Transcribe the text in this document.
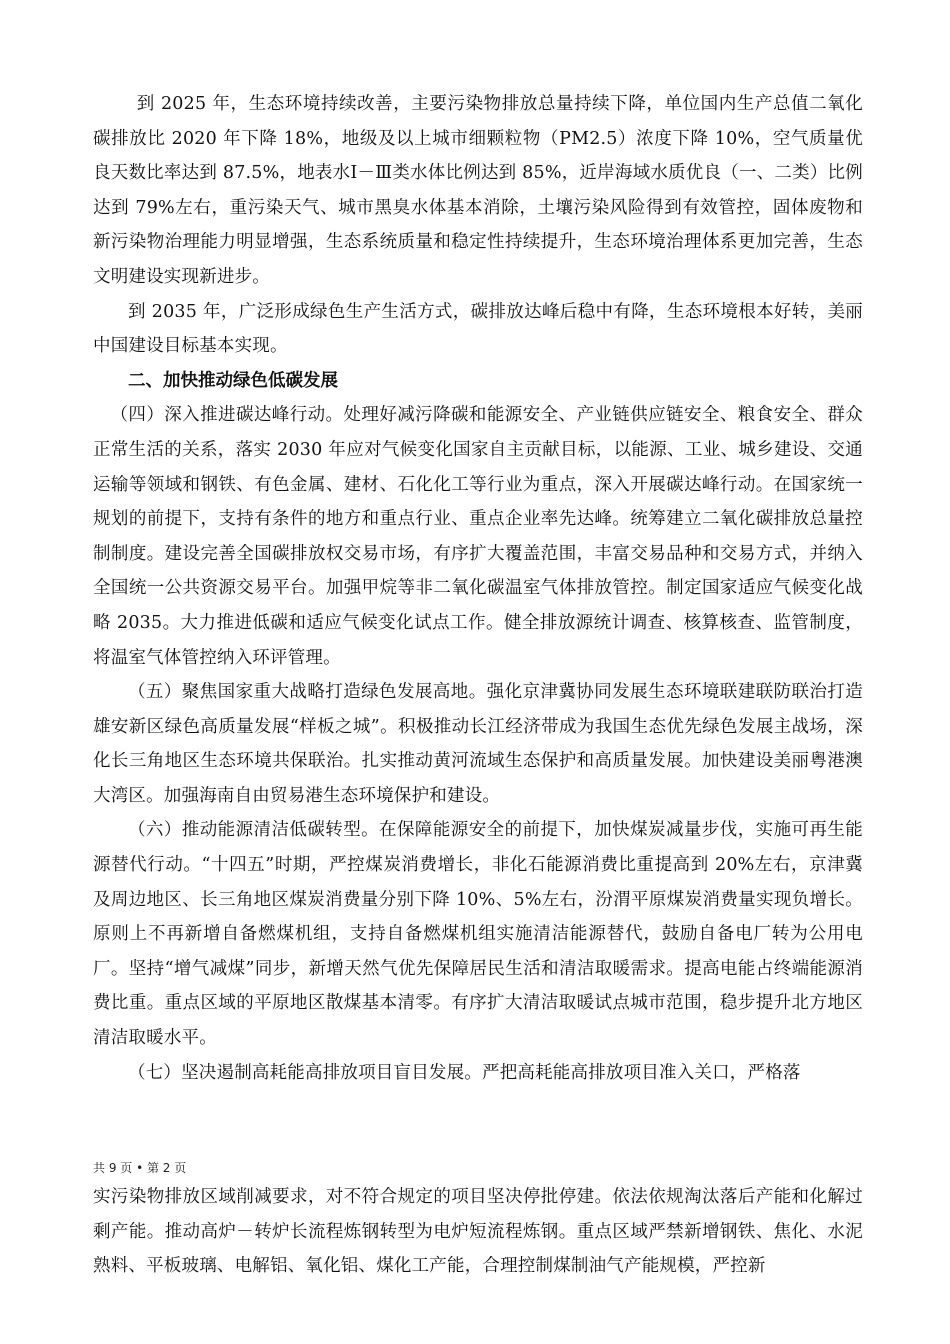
到 2025 年，生态环境持续改善，主要污染物排放总量持续下降，单位国内生产总值二氧化碳排放比 2020 年下降 18%，地级及以上城市细颗粒物（PM2.5）浓度下降 10%，空气质量优良天数比率达到 87.5%，地表水Ⅰ－Ⅲ类水体比例达到 85%，近岸海域水质优良（一、二类）比例达到 79%左右，重污染天气、城市黑臭水体基本消除，土壤污染风险得到有效管控，固体废物和新污染物治理能力明显增强，生态系统质量和稳定性持续提升，生态环境治理体系更加完善，生态文明建设实现新进步。

到 2035 年，广泛形成绿色生产生活方式，碳排放达峰后稳中有降，生态环境根本好转，美丽中国建设目标基本实现。

二、加快推动绿色低碳发展

（四）深入推进碳达峰行动。处理好减污降碳和能源安全、产业链供应链安全、粮食安全、群众正常生活的关系，落实 2030 年应对气候变化国家自主贡献目标，以能源、工业、城乡建设、交通运输等领域和钢铁、有色金属、建材、石化化工等行业为重点，深入开展碳达峰行动。在国家统一规划的前提下，支持有条件的地方和重点行业、重点企业率先达峰。统筹建立二氧化碳排放总量控制制度。建设完善全国碳排放权交易市场，有序扩大覆盖范围，丰富交易品种和交易方式，并纳入全国统一公共资源交易平台。加强甲烷等非二氧化碳温室气体排放管控。制定国家适应气候变化战略 2035。大力推进低碳和适应气候变化试点工作。健全排放源统计调查、核算核查、监管制度，将温室气体管控纳入环评管理。

（五）聚焦国家重大战略打造绿色发展高地。强化京津冀协同发展生态环境联建联防联治打造雄安新区绿色高质量发展“样板之城”。积极推动长江经济带成为我国生态优先绿色发展主战场，深化长三角地区生态环境共保联治。扎实推动黄河流域生态保护和高质量发展。加快建设美丽粤港澳大湾区。加强海南自由贸易港生态环境保护和建设。

（六）推动能源清洁低碳转型。在保障能源安全的前提下，加快煤炭减量步伐，实施可再生能源替代行动。“十四五”时期，严控煤炭消费增长，非化石能源消费比重提高到 20%左右，京津冀及周边地区、长三角地区煤炭消费量分别下降 10%、5%左右，汾渭平原煤炭消费量实现负增长。原则上不再新增自备燃煤机组，支持自备燃煤机组实施清洁能源替代，鼓励自备电厂转为公用电厂。坚持“增气减煤”同步，新增天然气优先保障居民生活和清洁取暖需求。提高电能占终端能源消费比重。重点区域的平原地区散煤基本清零。有序扩大清洁取暖试点城市范围，稳步提升北方地区清洁取暖水平。

（七）坚决遏制高耗能高排放项目盲目发展。严把高耗能高排放项目准入关口，严格落

共 9 页 • 第 2 页

实污染物排放区域削减要求，对不符合规定的项目坚决停批停建。依法依规淘汰落后产能和化解过剩产能。推动高炉－转炉长流程炼钢转型为电炉短流程炼钢。重点区域严禁新增钢铁、焦化、水泥熟料、平板玻璃、电解铝、氧化铝、煤化工产能，合理控制煤制油气产能规模，严控新
